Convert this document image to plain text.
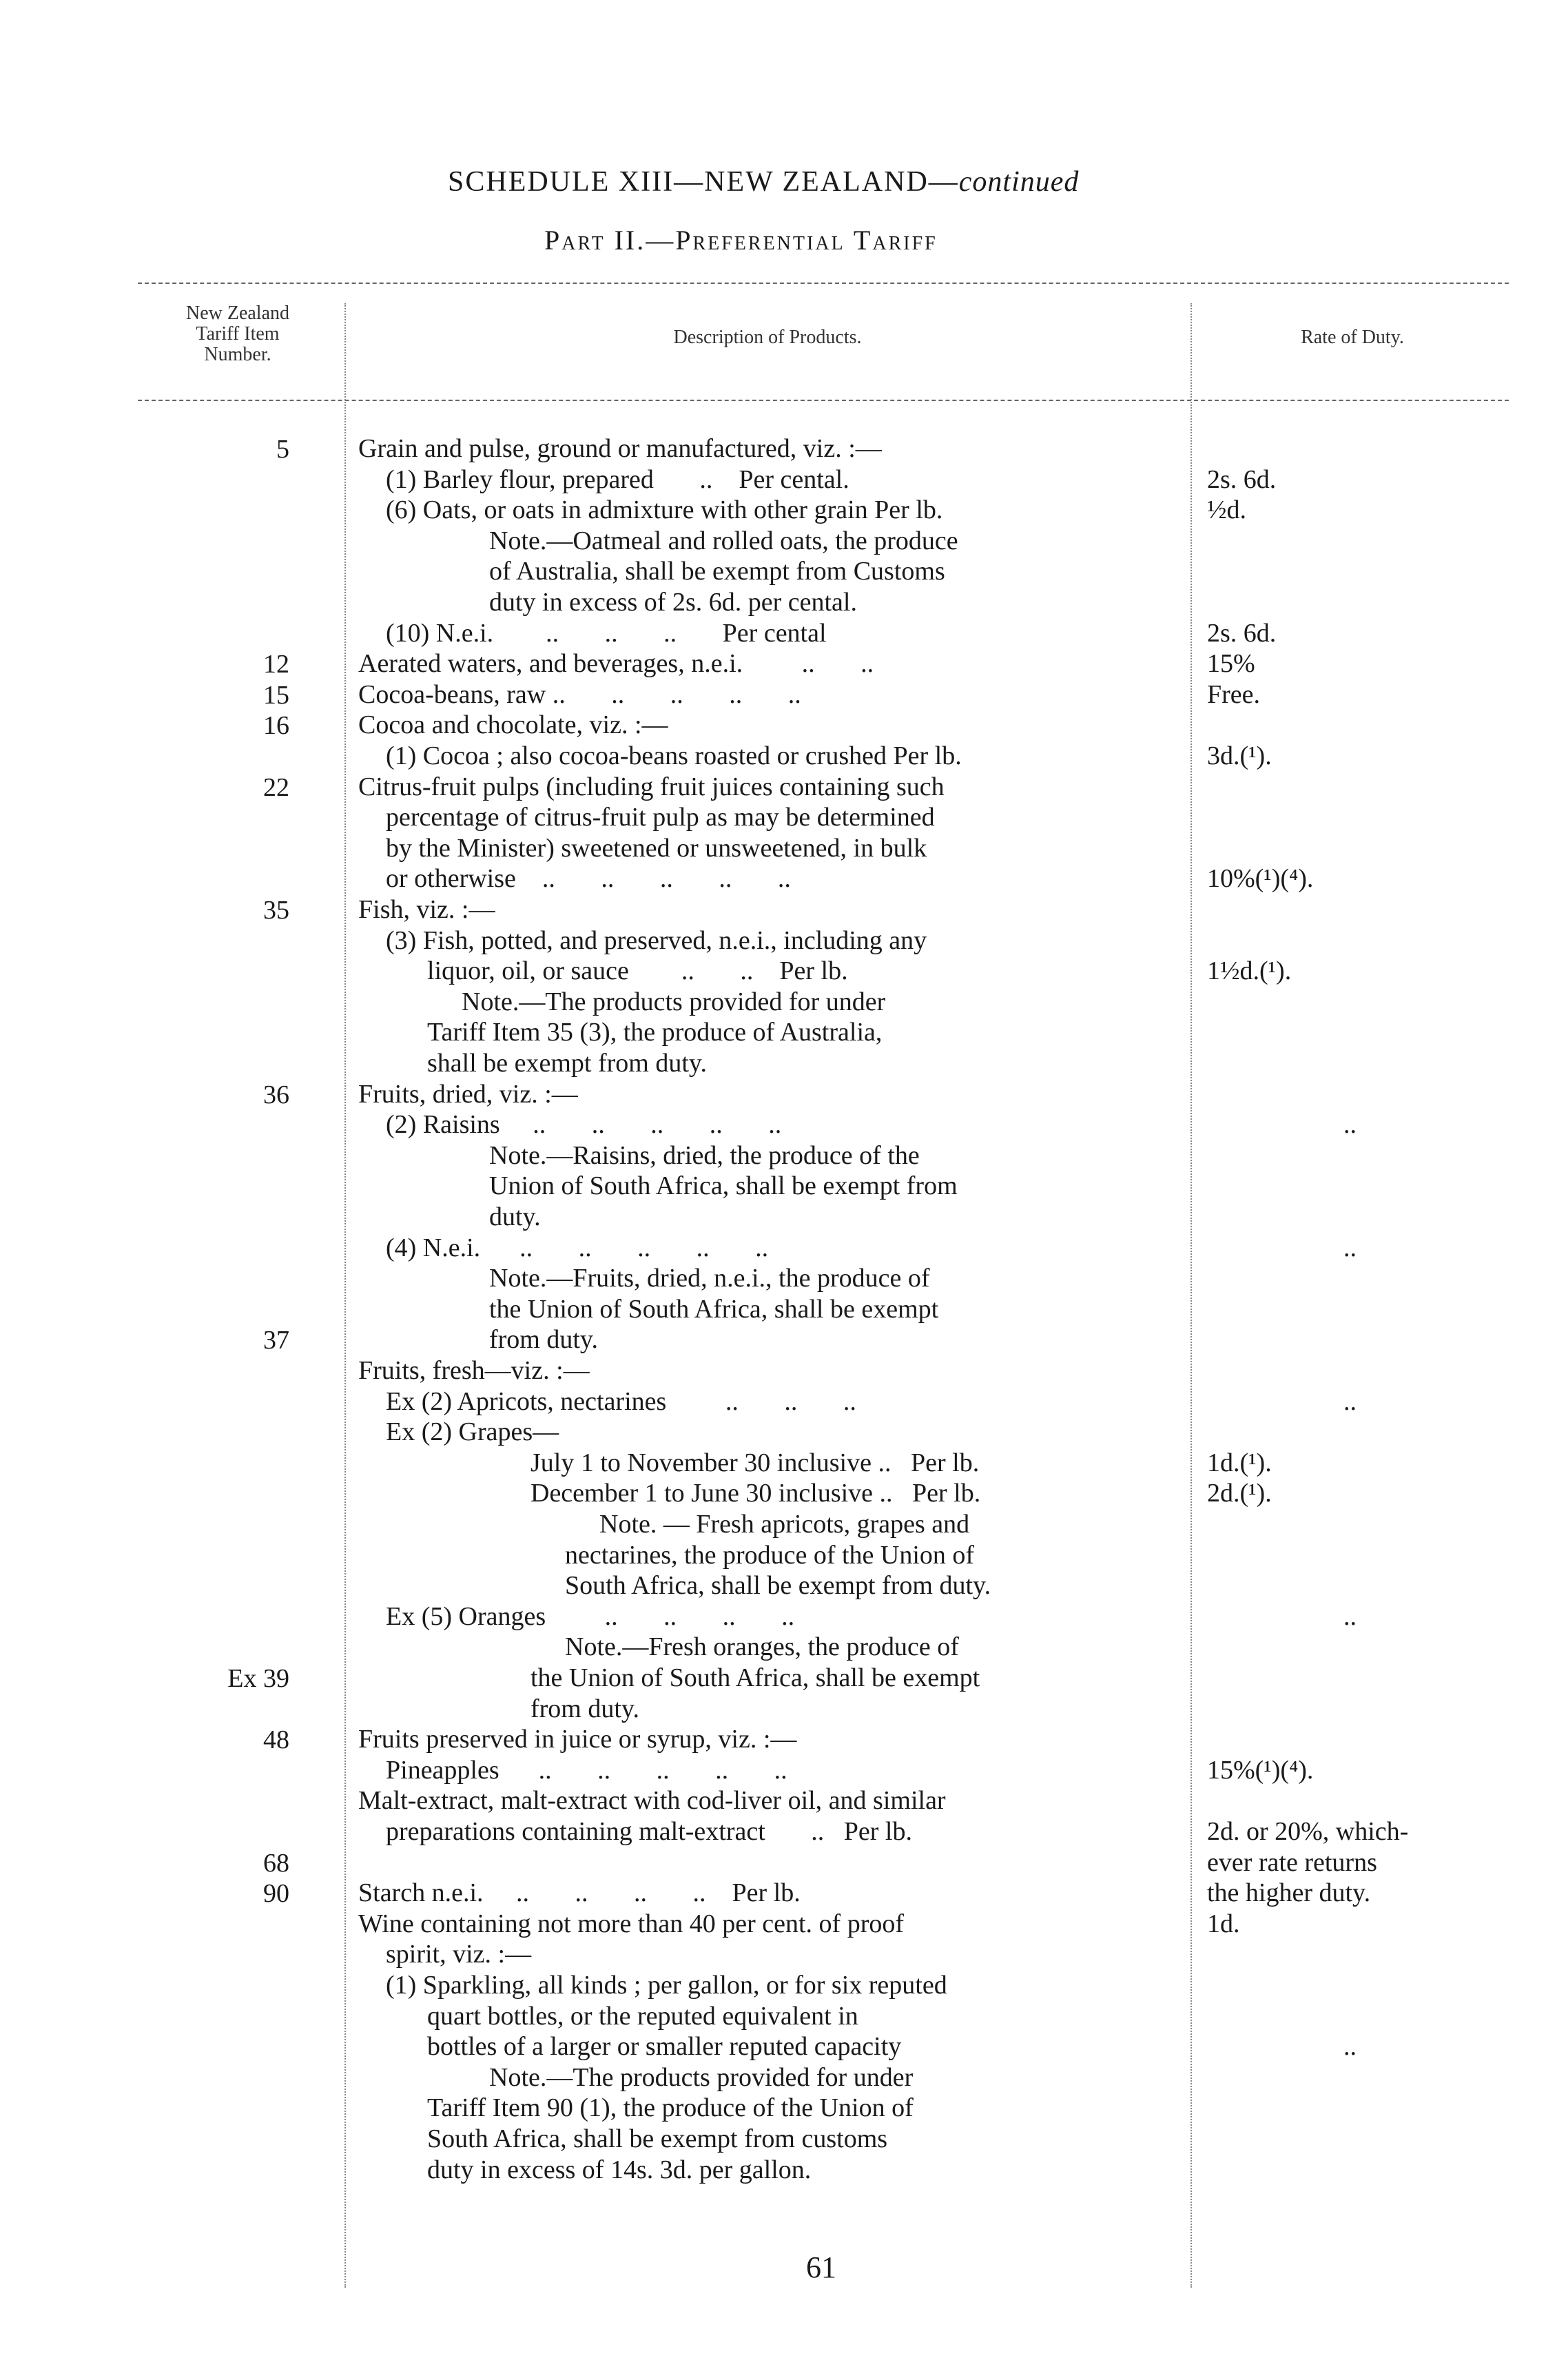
SCHEDULE XIII—NEW ZEALAND—continued
Part II.—Preferential Tariff
New Zealand
Tariff Item
Number.
Description of Products.	Rate of Duty.
5
12
15
16
22
35
36
37
Ex 39
48
68
90
Grain and pulse, ground or manufactured, viz. :—
(1) Barley flour, prepared       ..    Per cental.
(6) Oats, or oats in admixture with other grain Per lb.
Note.—Oatmeal and rolled oats, the produce
of Australia, shall be exempt from Customs
duty in excess of 2s. 6d. per cental.
(10) N.e.i.        ..       ..       ..       Per cental
Aerated waters, and beverages, n.e.i.         ..       ..
Cocoa-beans, raw ..       ..       ..       ..       ..
Cocoa and chocolate, viz. :—
(1) Cocoa ; also cocoa-beans roasted or crushed Per lb.
Citrus-fruit pulps (including fruit juices containing such
percentage of citrus-fruit pulp as may be determined
by the Minister) sweetened or unsweetened, in bulk
or otherwise    ..       ..       ..       ..       ..
Fish, viz. :—
(3) Fish, potted, and preserved, n.e.i., including any
liquor, oil, or sauce        ..       ..    Per lb.
Note.—The products provided for under
Tariff Item 35 (3), the produce of Australia,
shall be exempt from duty.
Fruits, dried, viz. :—
(2) Raisins     ..       ..       ..       ..       ..
Note.—Raisins, dried, the produce of the
Union of South Africa, shall be exempt from
duty.
(4) N.e.i.      ..       ..       ..       ..       ..
Note.—Fruits, dried, n.e.i., the produce of
the Union of South Africa, shall be exempt
from duty.
Fruits, fresh—viz. :—
Ex (2) Apricots, nectarines         ..       ..       ..
Ex (2) Grapes—
July 1 to November 30 inclusive ..   Per lb.
December 1 to June 30 inclusive ..   Per lb.
Note. — Fresh apricots, grapes and
nectarines, the produce of the Union of
South Africa, shall be exempt from duty.
Ex (5) Oranges         ..       ..       ..       ..
Note.—Fresh oranges, the produce of
the Union of South Africa, shall be exempt
from duty.
Fruits preserved in juice or syrup, viz. :—
Pineapples      ..       ..       ..       ..       ..
Malt-extract, malt-extract with cod-liver oil, and similar
preparations containing malt-extract       ..   Per lb.
Starch n.e.i.     ..       ..       ..       ..    Per lb.
Wine containing not more than 40 per cent. of proof
spirit, viz. :—
(1) Sparkling, all kinds ; per gallon, or for six reputed
quart bottles, or the reputed equivalent in
bottles of a larger or smaller reputed capacity
Note.—The products provided for under
Tariff Item 90 (1), the produce of the Union of
South Africa, shall be exempt from customs
duty in excess of 14s. 3d. per gallon.
2s. 6d.
½d.
2s. 6d.
15%
Free.
3d.(¹).
10%(¹)(⁴).
1½d.(¹).
..
..
..
1d.(¹).
2d.(¹).
..
15%(¹)(⁴).
2d. or 20%, which-
ever rate returns
the higher duty.
1d.
..
61
